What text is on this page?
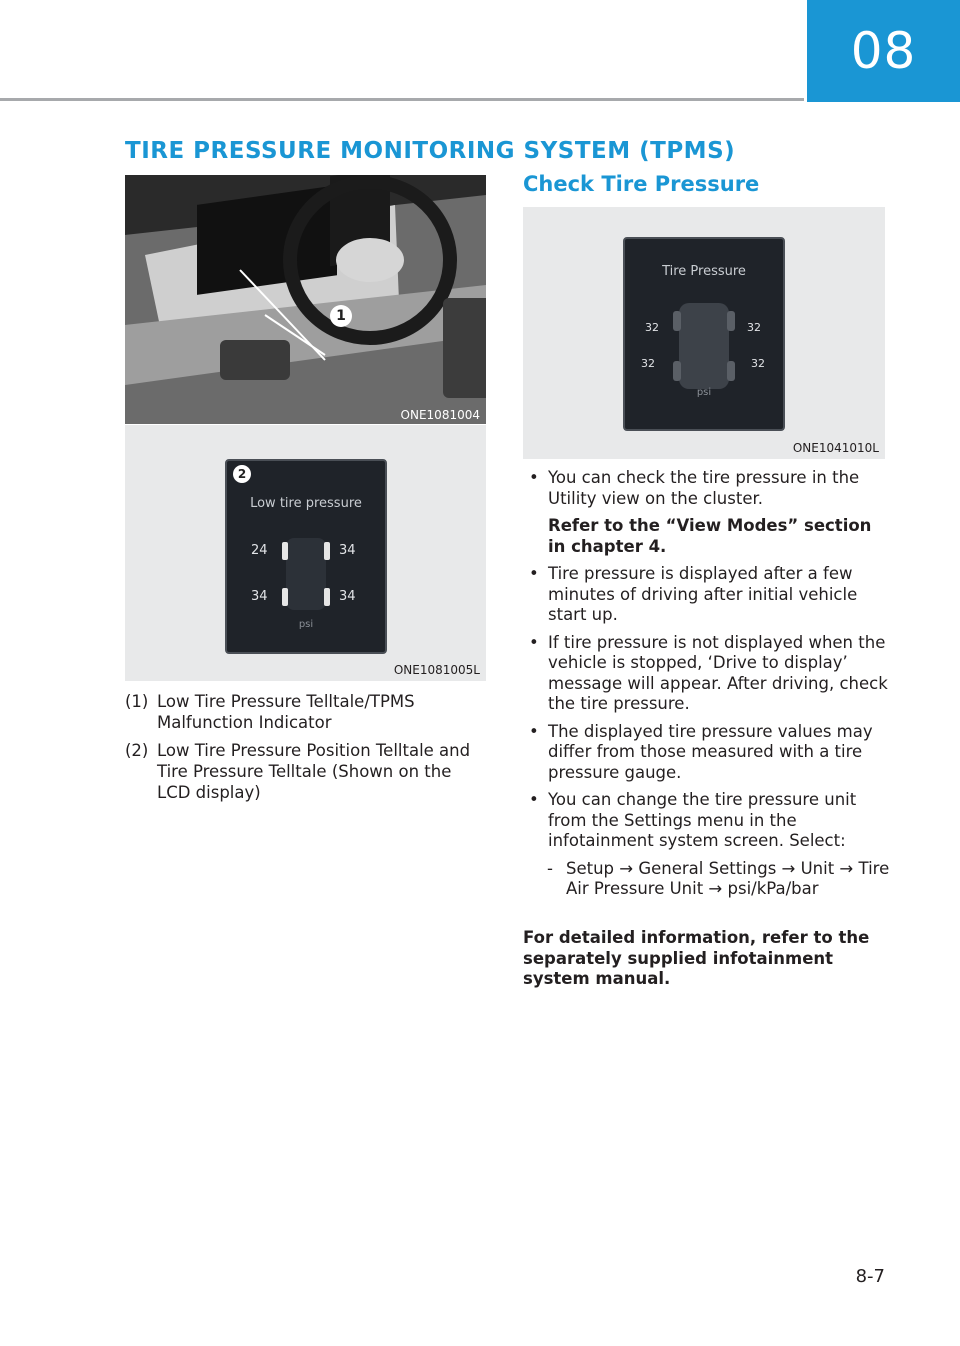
08
TIRE PRESSURE MONITORING SYSTEM (TPMS)
1
ONE1081004
2
Low tire pressure
24	34
34	34
psi
ONE1081005L
(1) Low Tire Pressure Telltale/TPMS Malfunction Indicator
(2) Low Tire Pressure Position Telltale and Tire Pressure Telltale (Shown on the LCD display)
Check Tire Pressure
Tire Pressure
32	32
32	32
psi
ONE1041010L
• You can check the tire pressure in the Utility view on the cluster.
Refer to the “View Modes” section in chapter 4.
• Tire pressure is displayed after a few minutes of driving after initial vehicle start up.
• If tire pressure is not displayed when the vehicle is stopped, ‘Drive to display’ message will appear. After driving, check the tire pressure.
• The displayed tire pressure values may differ from those measured with a tire pressure gauge.
• You can change the tire pressure unit from the Settings menu in the infotainment system screen. Select:
- Setup → General Settings → Unit → Tire Air Pressure Unit → psi/kPa/bar
For detailed information, refer to the separately supplied infotainment system manual.
8-7
